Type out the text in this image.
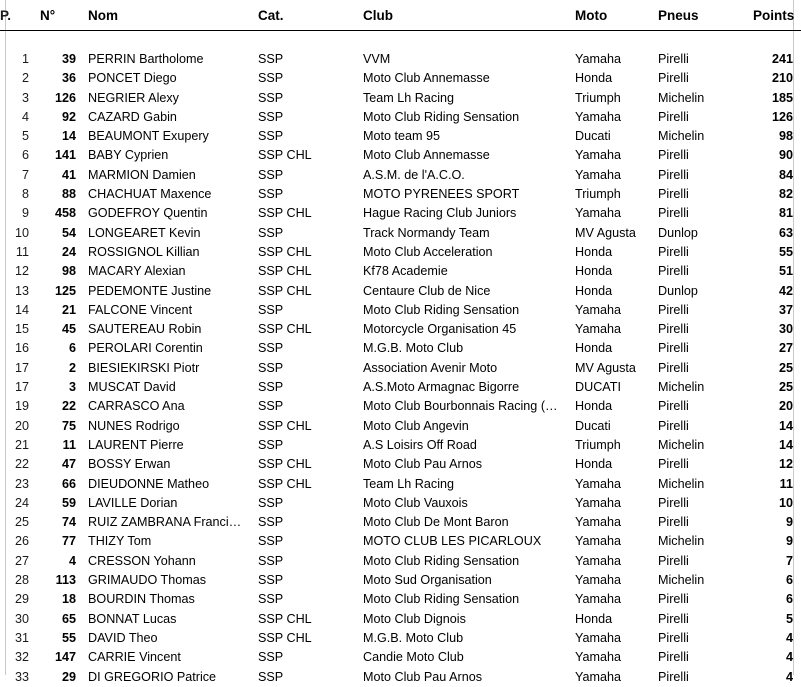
P.	N°	Nom	Cat.	Club	Moto	Pneus	Points

1	39	PERRIN Bartholome	SSP	VVM	Yamaha	Pirelli	241

2	36	PONCET Diego	SSP	Moto Club Annemasse	Honda	Pirelli	210

3	126	NEGRIER Alexy	SSP	Team Lh Racing	Triumph	Michelin	185

4	92	CAZARD Gabin	SSP	Moto Club Riding Sensation	Yamaha	Pirelli	126

5	14	BEAUMONT Exupery	SSP	Moto team 95	Ducati	Michelin	98

6	141	BABY Cyprien	SSP CHL	Moto Club Annemasse	Yamaha	Pirelli	90

7	41	MARMION Damien	SSP	A.S.M. de l'A.C.O.	Yamaha	Pirelli	84

8	88	CHACHUAT Maxence	SSP	MOTO PYRENEES SPORT	Triumph	Pirelli	82

9	458	GODEFROY Quentin	SSP CHL	Hague Racing Club Juniors	Yamaha	Pirelli	81

10	54	LONGEARET Kevin	SSP	Track Normandy Team	MV Agusta	Dunlop	63

11	24	ROSSIGNOL Killian	SSP CHL	Moto Club Acceleration	Honda	Pirelli	55

12	98	MACARY Alexian	SSP CHL	Kf78 Academie	Honda	Pirelli	51

13	125	PEDEMONTE Justine	SSP CHL	Centaure Club de Nice	Honda	Dunlop	42

14	21	FALCONE Vincent	SSP	Moto Club Riding Sensation	Yamaha	Pirelli	37

15	45	SAUTEREAU Robin	SSP CHL	Motorcycle Organisation 45	Yamaha	Pirelli	30

16	6	PEROLARI Corentin	SSP	M.G.B. Moto Club	Honda	Pirelli	27

17	2	BIESIEKIRSKI Piotr	SSP	Association Avenir Moto	MV Agusta	Pirelli	25

17	3	MUSCAT David	SSP	A.S.Moto Armagnac Bigorre	DUCATI	Michelin	25

19	22	CARRASCO Ana	SSP	Moto Club Bourbonnais Racing (…	Honda	Pirelli	20

20	75	NUNES Rodrigo	SSP CHL	Moto Club Angevin	Ducati	Pirelli	14

21	11	LAURENT Pierre	SSP	A.S Loisirs Off Road	Triumph	Michelin	14

22	47	BOSSY Erwan	SSP CHL	Moto Club Pau Arnos	Honda	Pirelli	12

23	66	DIEUDONNE Matheo	SSP CHL	Team Lh Racing	Yamaha	Michelin	11

24	59	LAVILLE Dorian	SSP	Moto Club Vauxois	Yamaha	Pirelli	10

25	74	RUIZ ZAMBRANA Franci…	SSP	Moto Club De Mont Baron	Yamaha	Pirelli	9

26	77	THIZY Tom	SSP	MOTO CLUB LES PICARLOUX	Yamaha	Michelin	9

27	4	CRESSON Yohann	SSP	Moto Club Riding Sensation	Yamaha	Pirelli	7

28	113	GRIMAUDO Thomas	SSP	Moto Sud Organisation	Yamaha	Michelin	6

29	18	BOURDIN Thomas	SSP	Moto Club Riding Sensation	Yamaha	Pirelli	6

30	65	BONNAT Lucas	SSP CHL	Moto Club Dignois	Honda	Pirelli	5

31	55	DAVID Theo	SSP CHL	M.G.B. Moto Club	Yamaha	Pirelli	4

32	147	CARRIE Vincent	SSP	Candie Moto Club	Yamaha	Pirelli	4

33	29	DI GREGORIO Patrice	SSP	Moto Club Pau Arnos	Yamaha	Pirelli	4
